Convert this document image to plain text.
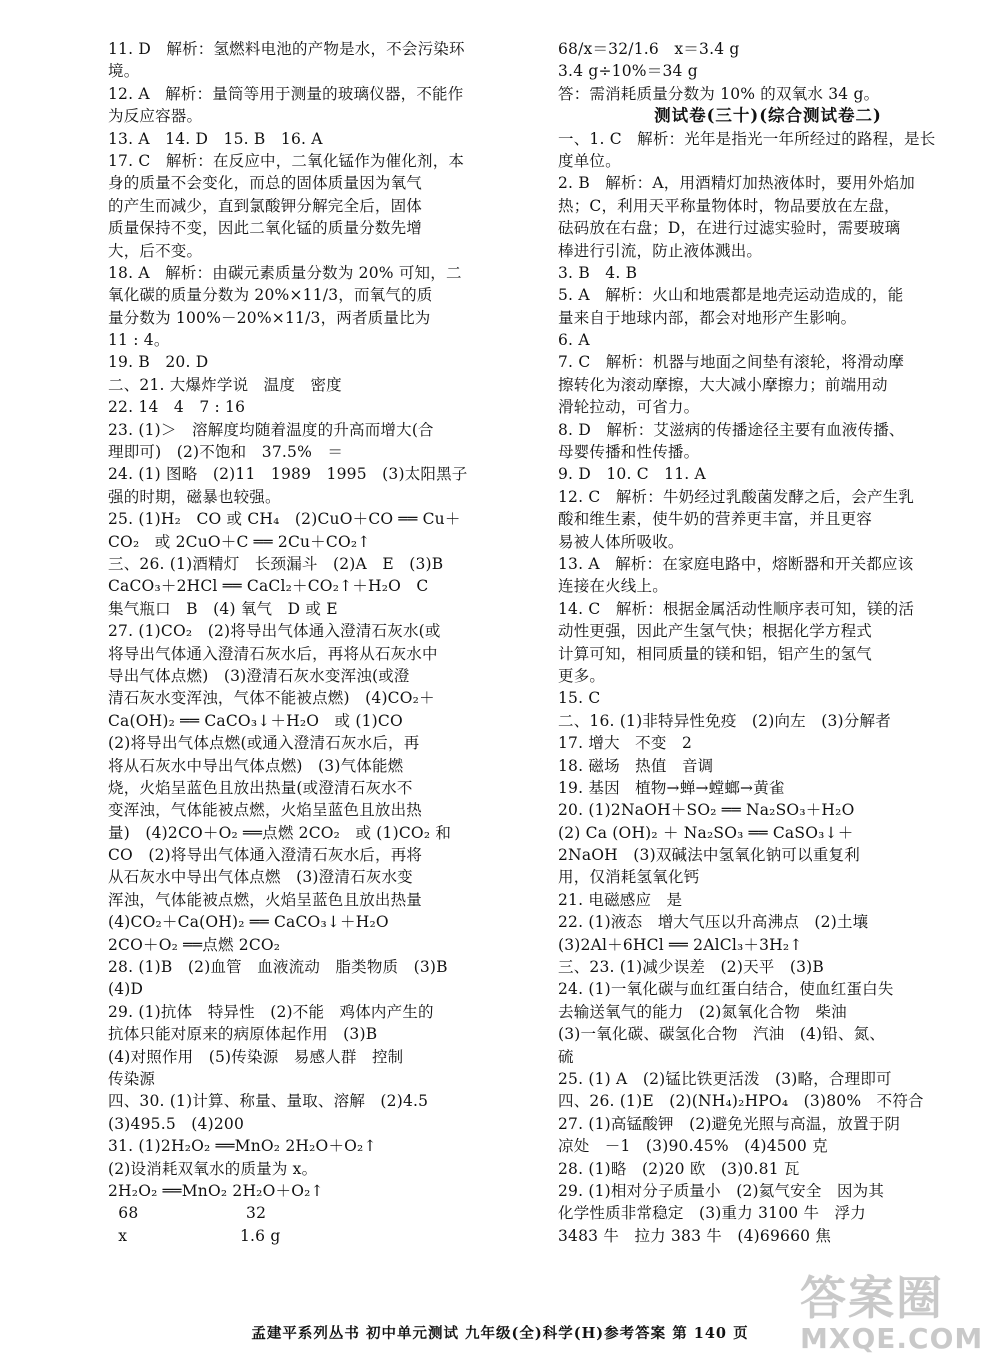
11. D   解析：氢燃料电池的产物是水，不会污染环
境。
12. A   解析：量筒等用于测量的玻璃仪器，不能作
为反应容器。
13. A   14. D   15. B   16. A
17. C   解析：在反应中，二氧化锰作为催化剂，本
身的质量不会变化，而总的固体质量因为氧气
的产生而减少，直到氯酸钾分解完全后，固体
质量保持不变，因此二氧化锰的质量分数先增
大，后不变。
18. A   解析：由碳元素质量分数为 20% 可知，二
氧化碳的质量分数为 20%×11/3，而氧气的质
量分数为 100%－20%×11/3，两者质量比为
11 : 4。
19. B   20. D
二、21. 大爆炸学说   温度   密度
22. 14   4   7 : 16
23. (1)＞   溶解度均随着温度的升高而增大(合
理即可)   (2)不饱和   37.5%   ＝
24. (1) 图略   (2)11   1989   1995   (3)太阳黑子
强的时期，磁暴也较强。
25. (1)H₂   CO 或 CH₄   (2)CuO＋CO ══ Cu＋
CO₂   或 2CuO＋C ══ 2Cu＋CO₂↑
三、26. (1)酒精灯   长颈漏斗   (2)A   E   (3)B
CaCO₃＋2HCl ══ CaCl₂＋CO₂↑＋H₂O   C
集气瓶口   B   (4) 氧气   D 或 E
27. (1)CO₂   (2)将导出气体通入澄清石灰水(或
将导出气体通入澄清石灰水后，再将从石灰水中
导出气体点燃)   (3)澄清石灰水变浑浊(或澄
清石灰水变浑浊，气体不能被点燃)   (4)CO₂＋
Ca(OH)₂ ══ CaCO₃↓＋H₂O   或 (1)CO
(2)将导出气体点燃(或通入澄清石灰水后，再
将从石灰水中导出气体点燃)   (3)气体能燃
烧，火焰呈蓝色且放出热量(或澄清石灰水不
变浑浊，气体能被点燃，火焰呈蓝色且放出热
量)   (4)2CO＋O₂ ══点燃 2CO₂   或 (1)CO₂ 和
CO   (2)将导出气体通入澄清石灰水后，再将
从石灰水中导出气体点燃   (3)澄清石灰水变
浑浊，气体能被点燃，火焰呈蓝色且放出热量
(4)CO₂＋Ca(OH)₂ ══ CaCO₃↓＋H₂O
2CO＋O₂ ══点燃 2CO₂
28. (1)B   (2)血管   血液流动   脂类物质   (3)B
(4)D
29. (1)抗体   特异性   (2)不能   鸡体内产生的
抗体只能对原来的病原体起作用   (3)B
(4)对照作用   (5)传染源   易感人群   控制
传染源
四、30. (1)计算、称量、量取、溶解   (2)4.5
(3)495.5   (4)200
31. (1)2H₂O₂ ══MnO₂ 2H₂O＋O₂↑
(2)设消耗双氧水的质量为 x。
2H₂O₂ ══MnO₂ 2H₂O＋O₂↑
68                     32
x                      1.6 g
68/x＝32/1.6   x＝3.4 g
3.4 g÷10%＝34 g
答：需消耗质量分数为 10% 的双氧水 34 g。
测试卷(三十)(综合测试卷二)
一、1. C   解析：光年是指光一年所经过的路程，是长
度单位。
2. B   解析：A，用酒精灯加热液体时，要用外焰加
热；C，利用天平称量物体时，物品要放在左盘，
砝码放在右盘；D，在进行过滤实验时，需要玻璃
棒进行引流，防止液体溅出。
3. B   4. B
5. A   解析：火山和地震都是地壳运动造成的，能
量来自于地球内部，都会对地形产生影响。
6. A
7. C   解析：机器与地面之间垫有滚轮，将滑动摩
擦转化为滚动摩擦，大大减小摩擦力；前端用动
滑轮拉动，可省力。
8. D   解析：艾滋病的传播途径主要有血液传播、
母婴传播和性传播。
9. D   10. C   11. A
12. C   解析：牛奶经过乳酸菌发酵之后，会产生乳
酸和维生素，使牛奶的营养更丰富，并且更容
易被人体所吸收。
13. A   解析：在家庭电路中，熔断器和开关都应该
连接在火线上。
14. C   解析：根据金属活动性顺序表可知，镁的活
动性更强，因此产生氢气快；根据化学方程式
计算可知，相同质量的镁和铝，铝产生的氢气
更多。
15. C
二、16. (1)非特异性免疫   (2)向左   (3)分解者
17. 增大   不变   2
18. 磁场   热值   音调
19. 基因   植物→蝉→螳螂→黄雀
20. (1)2NaOH＋SO₂ ══ Na₂SO₃＋H₂O
(2) Ca (OH)₂ ＋ Na₂SO₃ ══ CaSO₃↓＋
2NaOH   (3)双碱法中氢氧化钠可以重复利
用，仅消耗氢氧化钙
21. 电磁感应   是
22. (1)液态   增大气压以升高沸点   (2)土壤
(3)2Al＋6HCl ══ 2AlCl₃＋3H₂↑
三、23. (1)减少误差   (2)天平   (3)B
24. (1)一氧化碳与血红蛋白结合，使血红蛋白失
去输送氧气的能力   (2)氮氧化合物   柴油
(3)一氧化碳、碳氢化合物   汽油   (4)铅、氮、
硫
25. (1) A   (2)锰比铁更活泼   (3)略，合理即可
四、26. (1)E   (2)(NH₄)₂HPO₄   (3)80%   不符合
27. (1)高锰酸钾   (2)避免光照与高温，放置于阴
凉处   －1   (3)90.45%   (4)4500 克
28. (1)略   (2)20 欧   (3)0.81 瓦
29. (1)相对分子质量小   (2)氦气安全   因为其
化学性质非常稳定   (3)重力 3100 牛   浮力
3483 牛   拉力 383 牛   (4)69660 焦
孟建平系列丛书 初中单元测试 九年级(全)科学(H)参考答案 第 140 页
答案圈
MXQE.COM
